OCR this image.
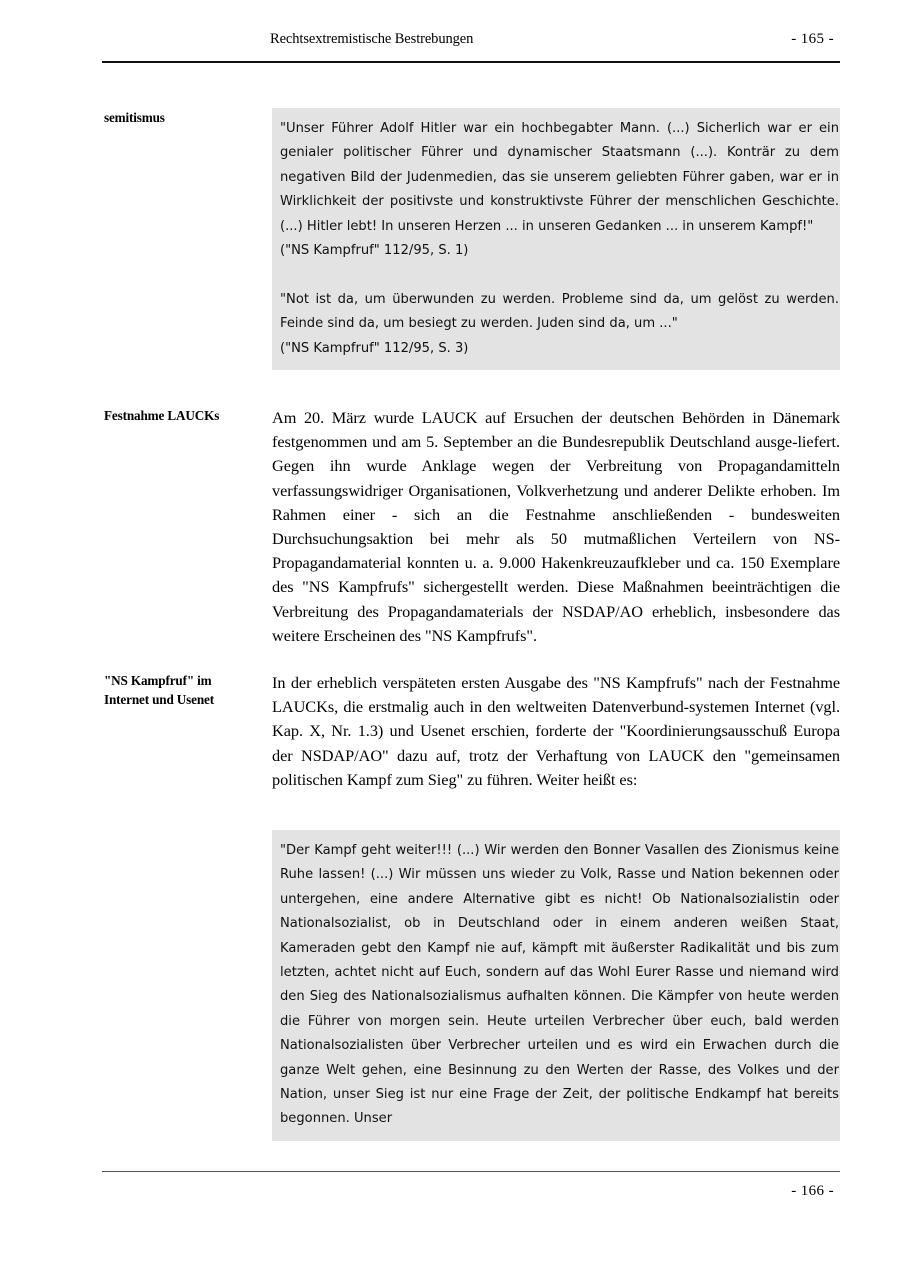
Rechtsextremistische Bestrebungen	- 165 -
semitismus

"Unser Führer Adolf Hitler war ein hochbegabter Mann. (...) Sicherlich war er ein genialer politischer Führer und dynamischer Staatsmann (...). Konträr zu dem negativen Bild der Judenmedien, das sie unserem geliebten Führer gaben, war er in Wirklichkeit der positivste und konstruktivste Führer der menschlichen Geschichte. (...) Hitler lebt! In unseren Herzen ... in unseren Gedanken ... in unserem Kampf!"

("NS Kampfruf" 112/95, S. 1)

"Not ist da, um überwunden zu werden. Probleme sind da, um gelöst zu werden. Feinde sind da, um besiegt zu werden. Juden sind da, um ..."

("NS Kampfruf" 112/95, S. 3)

Festnahme LAUCKs	Am 20. März wurde LAUCK auf Ersuchen der deutschen Behörden in Dänemark festgenommen und am 5. September an die Bundesrepublik Deutschland ausge-liefert. Gegen ihn wurde Anklage wegen der Verbreitung von Propagandamitteln verfassungswidriger Organisationen, Volkverhetzung und anderer Delikte erhoben. Im Rahmen einer - sich an die Festnahme anschließenden - bundesweiten Durchsuchungsaktion bei mehr als 50 mutmaßlichen Verteilern von NS-Propagandamaterial konnten u. a. 9.000 Hakenkreuzaufkleber und ca. 150 Exemplare des "NS Kampfrufs" sichergestellt werden. Diese Maßnahmen beeinträchtigen die Verbreitung des Propagandamaterials der NSDAP/AO erheblich, insbesondere das weitere Erscheinen des "NS Kampfrufs".

"NS Kampfruf" im
Internet und Usenet

In der erheblich verspäteten ersten Ausgabe des "NS Kampfrufs" nach der Festnahme LAUCKs, die erstmalig auch in den weltweiten Datenverbund-systemen Internet (vgl. Kap. X, Nr. 1.3) und Usenet erschien, forderte der "Koordinierungsausschuß Europa der NSDAP/AO" dazu auf, trotz der Verhaftung von LAUCK den "gemeinsamen politischen Kampf zum Sieg" zu führen. Weiter heißt es:

"Der Kampf geht weiter!!! (...) Wir werden den Bonner Vasallen des Zionismus keine Ruhe lassen! (...) Wir müssen uns wieder zu Volk, Rasse und Nation bekennen oder untergehen, eine andere Alternative gibt es nicht! Ob Nationalsozialistin oder Nationalsozialist, ob in Deutschland oder in einem anderen weißen Staat, Kameraden gebt den Kampf nie auf, kämpft mit äußerster Radikalität und bis zum letzten, achtet nicht auf Euch, sondern auf das Wohl Eurer Rasse und niemand wird den Sieg des Nationalsozialismus aufhalten können. Die Kämpfer von heute werden die Führer von morgen sein. Heute urteilen Verbrecher über euch, bald werden Nationalsozialisten über Verbrecher urteilen und es wird ein Erwachen durch die ganze Welt gehen, eine Besinnung zu den Werten der Rasse, des Volkes und der Nation, unser Sieg ist nur eine Frage der Zeit, der politische Endkampf hat bereits begonnen. Unser

- 166 -
